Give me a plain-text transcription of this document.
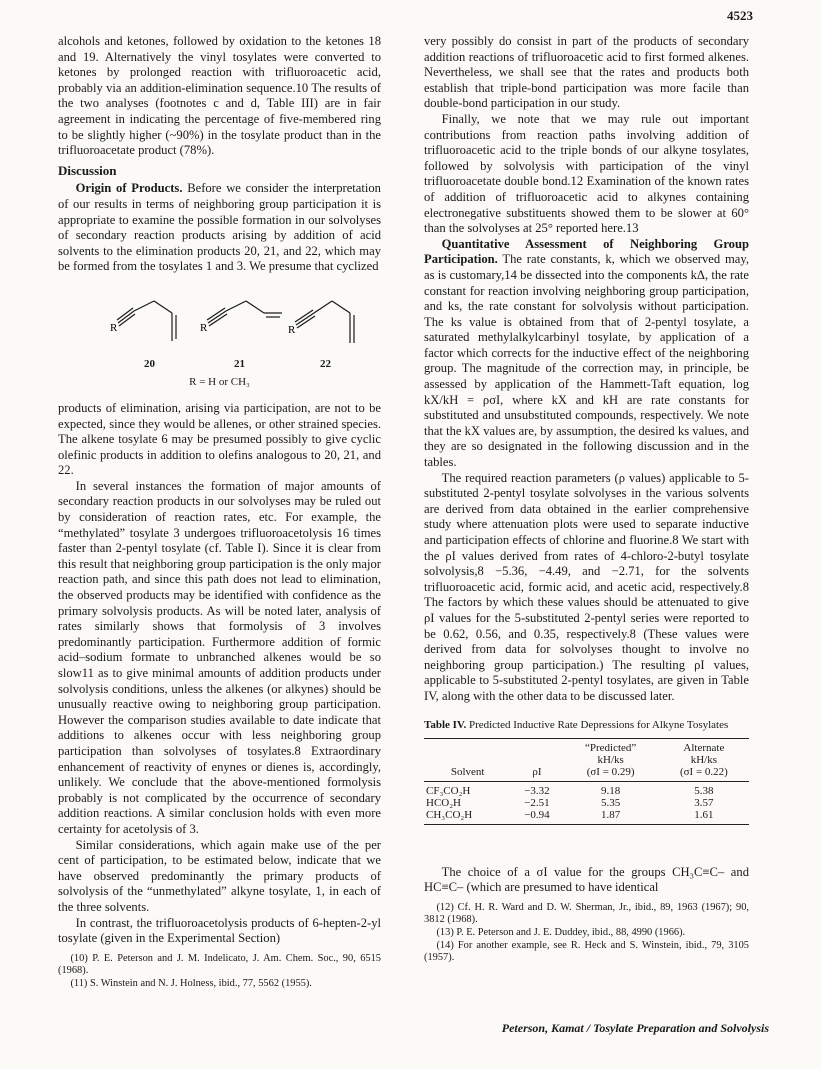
4523

alcohols and ketones, followed by oxidation to the ketones 18 and 19. Alternatively the vinyl tosylates were converted to ketones by prolonged reaction with trifluoroacetic acid, probably via an addition-elimination sequence.10 The results of the two analyses (footnotes c and d, Table III) are in fair agreement in indicating the percentage of five-membered ring to be slightly higher (~90%) in the tosylate product than in the trifluoroacetate product (78%).

Discussion

Origin of Products. Before we consider the interpretation of our results in terms of neighboring group participation it is appropriate to examine the possible formation in our solvolyses of secondary reaction products arising by addition of acid solvents to the elimination products 20, 21, and 22, which may be formed from the tosylates 1 and 3. We presume that cyclized

R	R	R
20	21	22
R = H or CH₃

products of elimination, arising via participation, are not to be expected, since they would be allenes, or other strained species. The alkene tosylate 6 may be presumed possibly to give cyclic olefinic products in addition to olefins analogous to 20, 21, and 22.

In several instances the formation of major amounts of secondary reaction products in our solvolyses may be ruled out by consideration of reaction rates, etc. For example, the “methylated” tosylate 3 undergoes trifluoroacetolysis 16 times faster than 2-pentyl tosylate (cf. Table I). Since it is clear from this result that neighboring group participation is the only major reaction path, and since this path does not lead to elimination, the observed products may be identified with confidence as the primary solvolysis products. As will be noted later, analysis of rates similarly shows that formolysis of 3 involves predominantly participation. Furthermore addition of formic acid–sodium formate to unbranched alkenes would be so slow11 as to give minimal amounts of addition products under solvolysis conditions, unless the alkenes (or alkynes) should be unusually reactive owing to neighboring group participation. However the comparison studies available to date indicate that additions to alkenes occur with less neighboring group participation than solvolyses of tosylates.8 Extraordinary enhancement of reactivity of enynes or dienes is, accordingly, unlikely. We conclude that the above-mentioned formolysis probably is not complicated by the occurrence of secondary addition reactions. A similar conclusion holds with even more certainty for acetolysis of 3.

Similar considerations, which again make use of the per cent of participation, to be estimated below, indicate that we have observed predominantly the primary products of solvolysis of the “unmethylated” alkyne tosylate, 1, in each of the three solvents.

In contrast, the trifluoroacetolysis products of 6-hepten-2-yl tosylate (given in the Experimental Section)

(10) P. E. Peterson and J. M. Indelicato, J. Am. Chem. Soc., 90, 6515 (1968).

(11) S. Winstein and N. J. Holness, ibid., 77, 5562 (1955).

very possibly do consist in part of the products of secondary addition reactions of trifluoroacetic acid to first formed alkenes. Nevertheless, we shall see that the rates and products both establish that triple-bond participation was more facile than double-bond participation in our study.

Finally, we note that we may rule out important contributions from reaction paths involving addition of trifluoroacetic acid to the triple bonds of our alkyne tosylates, followed by solvolysis with participation of the vinyl trifluoroacetate double bond.12 Examination of the known rates of addition of trifluoroacetic acid to alkynes containing electronegative substituents showed them to be slower at 60° than the solvolyses at 25° reported here.13

Quantitative Assessment of Neighboring Group Participation. The rate constants, k, which we observed may, as is customary,14 be dissected into the components kΔ, the rate constant for reaction involving neighboring group participation, and ks, the rate constant for solvolysis without participation. The ks value is obtained from that of 2-pentyl tosylate, a saturated methylalkylcarbinyl tosylate, by application of a factor which corrects for the inductive effect of the neighboring group. The magnitude of the correction may, in principle, be assessed by application of the Hammett-Taft equation, log kX/kH = ρσI, where kX and kH are rate constants for substituted and unsubstituted compounds, respectively. We note that the kX values are, by assumption, the desired ks values, and they are so designated in the following discussion and in the tables.

The required reaction parameters (ρ values) applicable to 5-substituted 2-pentyl tosylate solvolyses in the various solvents are derived from data obtained in the earlier comprehensive study where attenuation plots were used to separate inductive and participation effects of chlorine and fluorine.8 We start with the ρI values derived from rates of 4-chloro-2-butyl tosylate solvolysis,8 −5.36, −4.49, and −2.71, for the solvents trifluoroacetic acid, formic acid, and acetic acid, respectively.8 The factors by which these values should be attenuated to give ρI values for the 5-substituted 2-pentyl series were reported to be 0.62, 0.56, and 0.35, respectively.8 (These values were derived from data for solvolyses thought to involve no neighboring group participation.) The resulting ρI values, applicable to 5-substituted 2-pentyl tosylates, are given in Table IV, along with the other data to be discussed later.

Table IV. Predicted Inductive Rate Depressions for Alkyne Tosylates
		“Predicted”	Alternate
		kH/ks	kH/ks
Solvent	ρI	(σI = 0.29)	(σI = 0.22)
CF₃CO₂H	−3.32	9.18	5.38
HCO₂H	−2.51	5.35	3.57
CH₃CO₂H	−0.94	1.87	1.61

The choice of a σI value for the groups CH₃C≡C– and HC≡C– (which are presumed to have identical

(12) Cf. H. R. Ward and D. W. Sherman, Jr., ibid., 89, 1963 (1967); 90, 3812 (1968).

(13) P. E. Peterson and J. E. Duddey, ibid., 88, 4990 (1966).

(14) For another example, see R. Heck and S. Winstein, ibid., 79, 3105 (1957).

Peterson, Kamat / Tosylate Preparation and Solvolysis
